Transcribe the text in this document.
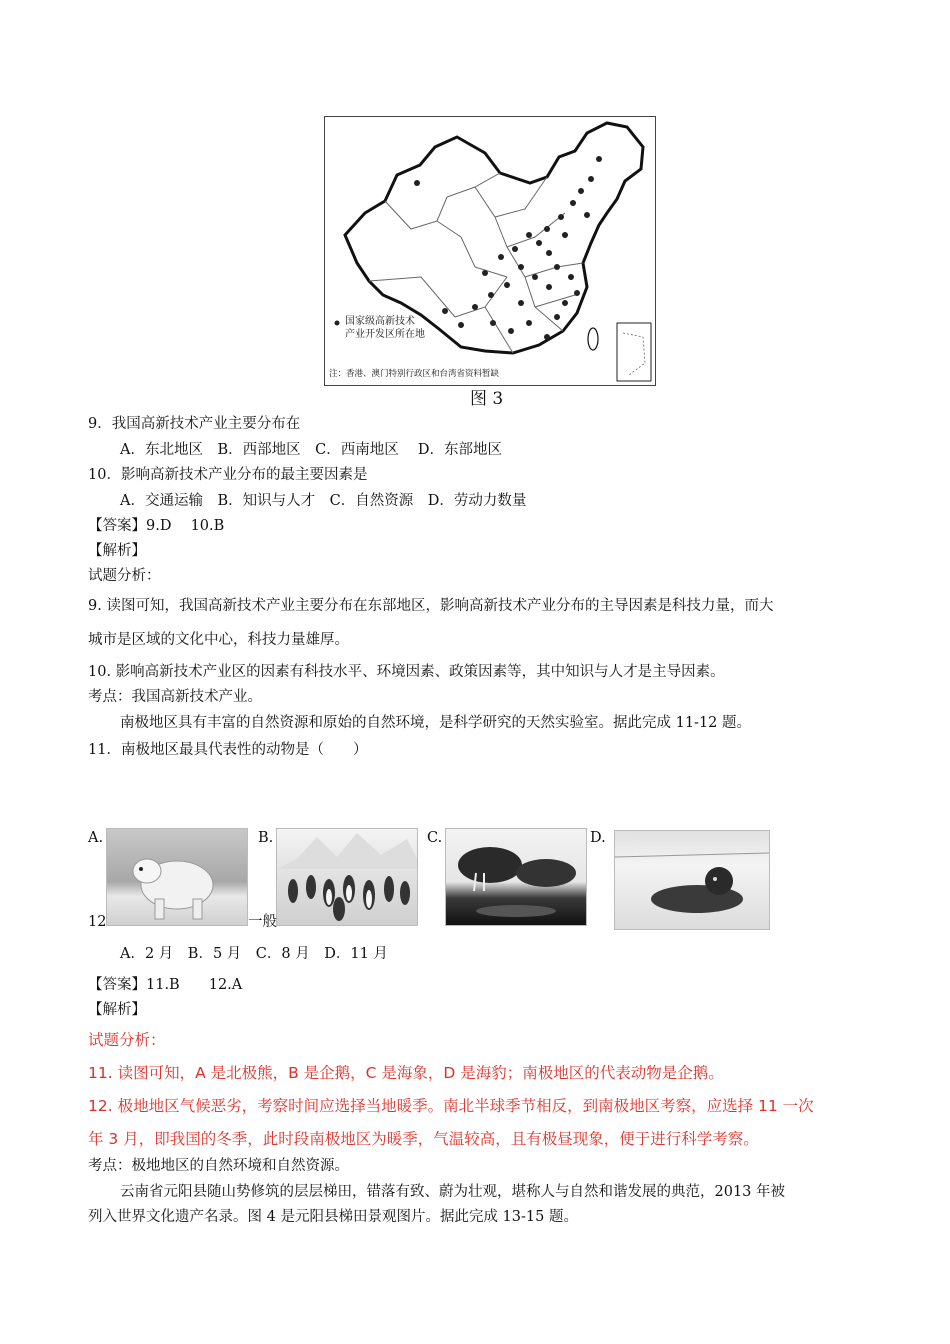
国家级高新技术
产业开发区所在地
注：香港、澳门特别行政区和台湾省资料暂缺
图 3
9．我国高新技术产业主要分布在
A．东北地区　B．西部地区　C．西南地区　 D．东部地区
10．影响高新技术产业分布的最主要因素是
A．交通运输　B．知识与人才　C．自然资源　D．劳动力数量
【答案】9.D　 10.B
【解析】
试题分析：
9. 读图可知，我国高新技术产业主要分布在东部地区，影响高新技术产业分布的主导因素是科技力量，而大
城市是区域的文化中心，科技力量雄厚。
10. 影响高新技术产业区的因素有科技水平、环境因素、政策因素等，其中知识与人才是主导因素。
考点：我国高新技术产业。
南极地区具有丰富的自然资源和原始的自然环境，是科学研究的天然实验室。据此完成 11-12 题。
11．南极地区最具代表性的动物是（　　）
A.	B.	C.	D.
12	一般
A．2 月　B．5 月　C．8 月　D．11 月
【答案】11.B　　12.A
【解析】
试题分析：
11. 读图可知，A 是北极熊，B 是企鹅，C 是海象，D 是海豹；南极地区的代表动物是企鹅。
12. 极地地区气候恶劣，考察时间应选择当地暖季。南北半球季节相反，到南极地区考察，应选择 11 一次
年 3 月，即我国的冬季，此时段南极地区为暖季，气温较高，且有极昼现象，便于进行科学考察。
考点：极地地区的自然环境和自然资源。
云南省元阳县随山势修筑的层层梯田，错落有致、蔚为壮观，堪称人与自然和谐发展的典范，2013 年被
列入世界文化遗产名录。图 4 是元阳县梯田景观图片。据此完成 13-15 题。
